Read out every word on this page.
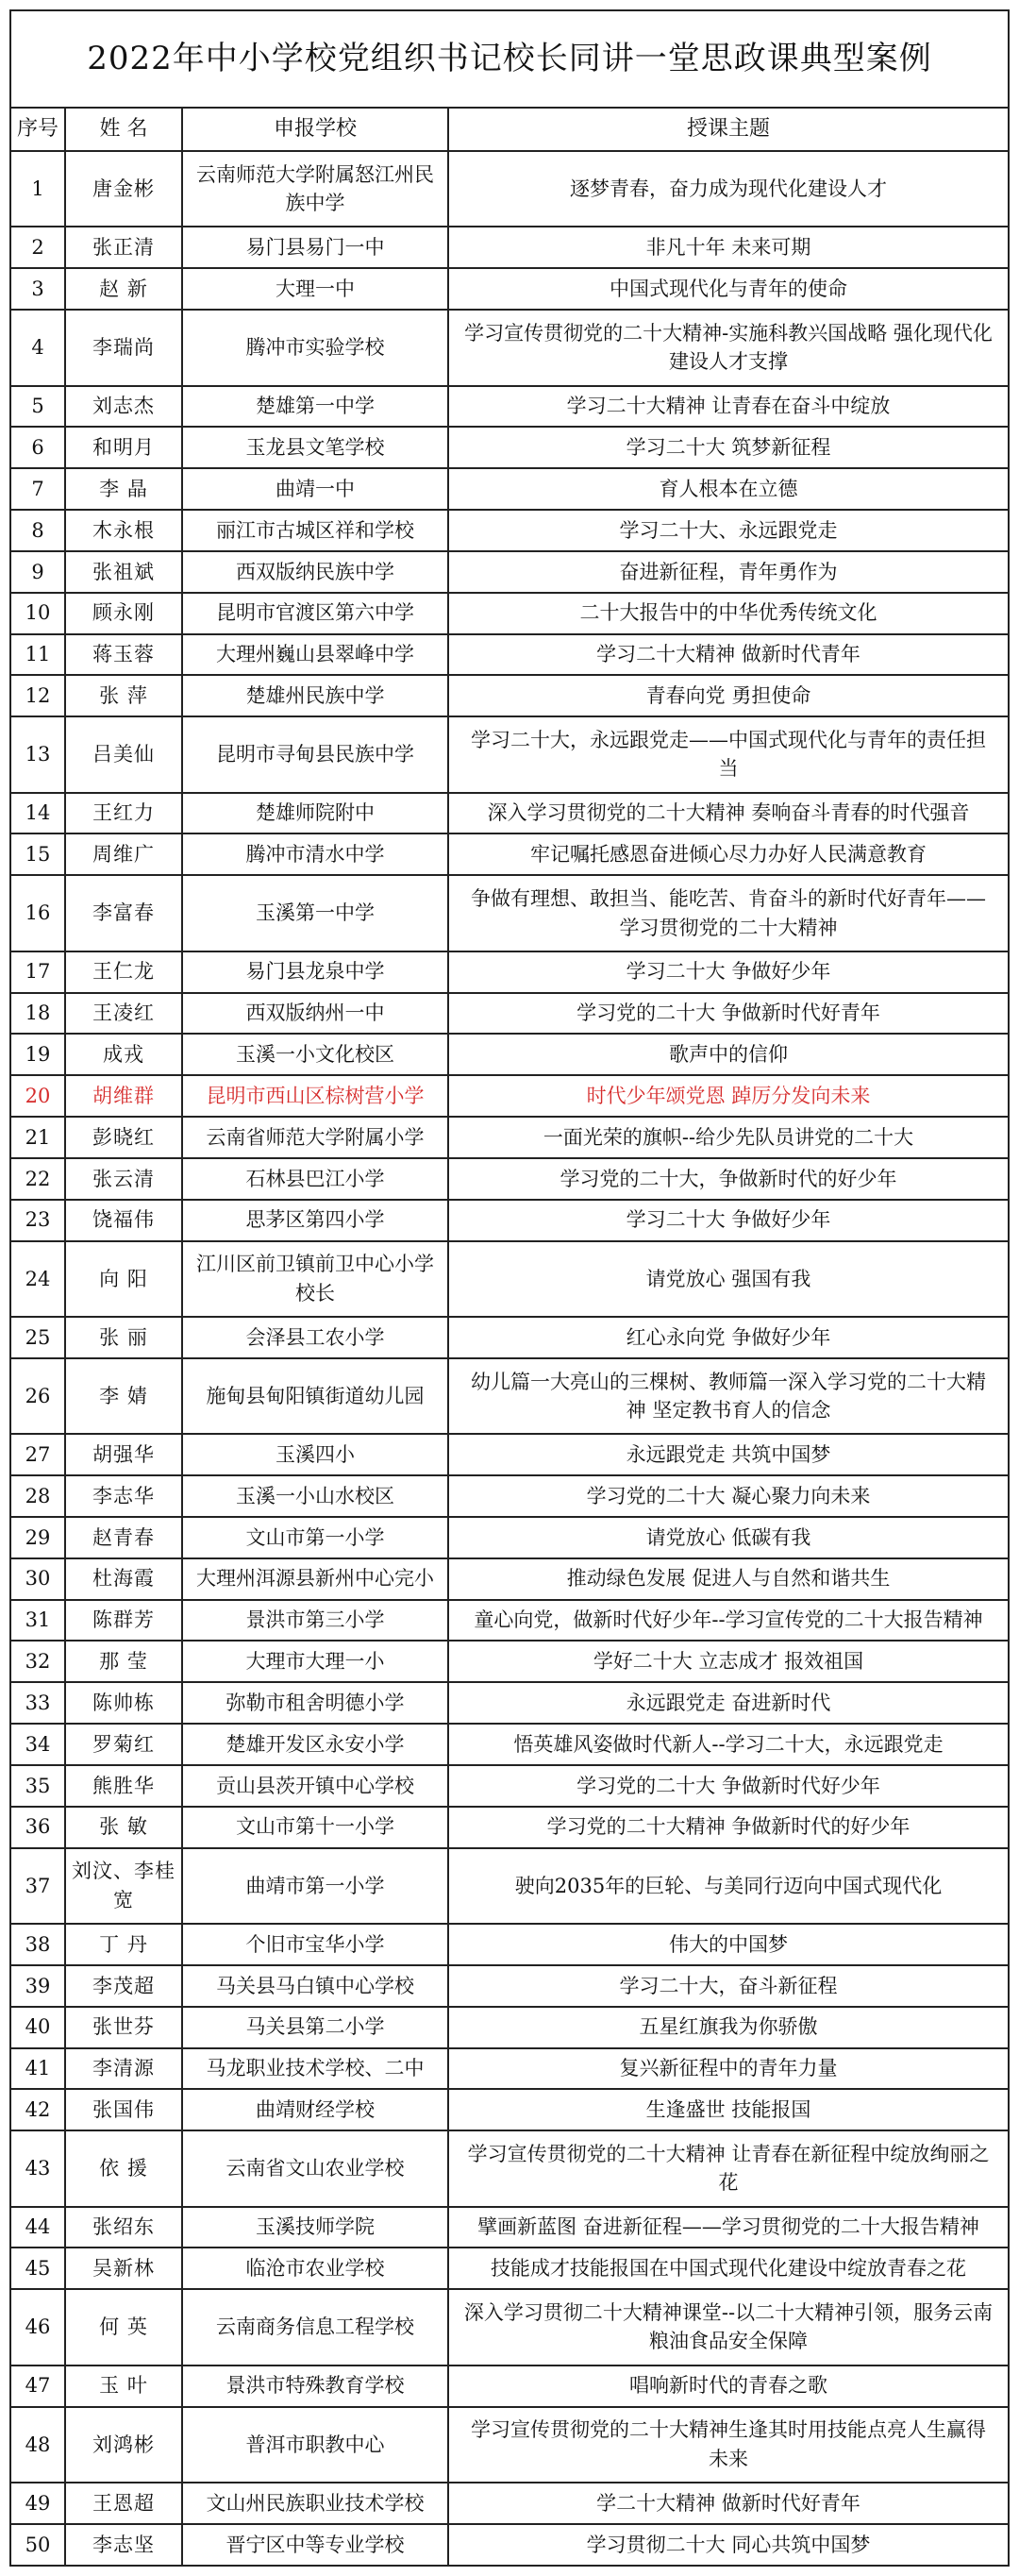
2022年中小学校党组织书记校长同讲一堂思政课典型案例			
序号	姓 名	申报学校	授课主题
1	唐金彬	云南师范大学附属怒江州民族中学	逐梦青春，奋力成为现代化建设人才
2	张正清	易门县易门一中	非凡十年 未来可期
3	赵 新	大理一中	中国式现代化与青年的使命
4	李瑞尚	腾冲市实验学校	学习宣传贯彻党的二十大精神-实施科教兴国战略 强化现代化建设人才支撑
5	刘志杰	楚雄第一中学	学习二十大精神 让青春在奋斗中绽放
6	和明月	玉龙县文笔学校	学习二十大 筑梦新征程
7	李 晶	曲靖一中	育人根本在立德
8	木永根	丽江市古城区祥和学校	学习二十大、永远跟党走
9	张祖斌	西双版纳民族中学	奋进新征程，青年勇作为
10	顾永刚	昆明市官渡区第六中学	二十大报告中的中华优秀传统文化
11	蒋玉蓉	大理州巍山县翠峰中学	学习二十大精神 做新时代青年
12	张 萍	楚雄州民族中学	青春向党 勇担使命
13	吕美仙	昆明市寻甸县民族中学	学习二十大，永远跟党走——中国式现代化与青年的责任担当
14	王红力	楚雄师院附中	深入学习贯彻党的二十大精神 奏响奋斗青春的时代强音
15	周维广	腾冲市清水中学	牢记嘱托感恩奋进倾心尽力办好人民满意教育
16	李富春	玉溪第一中学	争做有理想、敢担当、能吃苦、肯奋斗的新时代好青年——学习贯彻党的二十大精神
17	王仁龙	易门县龙泉中学	学习二十大 争做好少年
18	王凌红	西双版纳州一中	学习党的二十大 争做新时代好青年
19	成戎	玉溪一小文化校区	歌声中的信仰
20	胡维群	昆明市西山区棕树营小学	时代少年颂党恩 踔厉分发向未来
21	彭晓红	云南省师范大学附属小学	一面光荣的旗帜--给少先队员讲党的二十大
22	张云清	石林县巴江小学	学习党的二十大，争做新时代的好少年
23	饶福伟	思茅区第四小学	学习二十大 争做好少年
24	向 阳	江川区前卫镇前卫中心小学校长	请党放心 强国有我
25	张 丽	会泽县工农小学	红心永向党 争做好少年
26	李 婧	施甸县甸阳镇街道幼儿园	幼儿篇一大亮山的三棵树、教师篇一深入学习党的二十大精神 坚定教书育人的信念
27	胡强华	玉溪四小	永远跟党走 共筑中国梦
28	李志华	玉溪一小山水校区	学习党的二十大 凝心聚力向未来
29	赵青春	文山市第一小学	请党放心 低碳有我
30	杜海霞	大理州洱源县新州中心完小	推动绿色发展 促进人与自然和谐共生
31	陈群芳	景洪市第三小学	童心向党，做新时代好少年--学习宣传党的二十大报告精神
32	那 莹	大理市大理一小	学好二十大 立志成才 报效祖国
33	陈帅栋	弥勒市租舍明德小学	永远跟党走 奋进新时代
34	罗菊红	楚雄开发区永安小学	悟英雄风姿做时代新人--学习二十大，永远跟党走
35	熊胜华	贡山县茨开镇中心学校	学习党的二十大 争做新时代好少年
36	张 敏	文山市第十一小学	学习党的二十大精神 争做新时代的好少年
37	刘汶、李桂宽	曲靖市第一小学	驶向2035年的巨轮、与美同行迈向中国式现代化
38	丁 丹	个旧市宝华小学	伟大的中国梦
39	李茂超	马关县马白镇中心学校	学习二十大，奋斗新征程
40	张世芬	马关县第二小学	五星红旗我为你骄傲
41	李清源	马龙职业技术学校、二中	复兴新征程中的青年力量
42	张国伟	曲靖财经学校	生逢盛世 技能报国
43	依 援	云南省文山农业学校	学习宣传贯彻党的二十大精神 让青春在新征程中绽放绚丽之花
44	张绍东	玉溪技师学院	擘画新蓝图 奋进新征程——学习贯彻党的二十大报告精神
45	吴新林	临沧市农业学校	技能成才技能报国在中国式现代化建设中绽放青春之花
46	何 英	云南商务信息工程学校	深入学习贯彻二十大精神课堂--以二十大精神引领，服务云南粮油食品安全保障
47	玉 叶	景洪市特殊教育学校	唱响新时代的青春之歌
48	刘鸿彬	普洱市职教中心	学习宣传贯彻党的二十大精神生逢其时用技能点亮人生赢得未来
49	王恩超	文山州民族职业技术学校	学二十大精神 做新时代好青年
50	李志坚	晋宁区中等专业学校	学习贯彻二十大 同心共筑中国梦
